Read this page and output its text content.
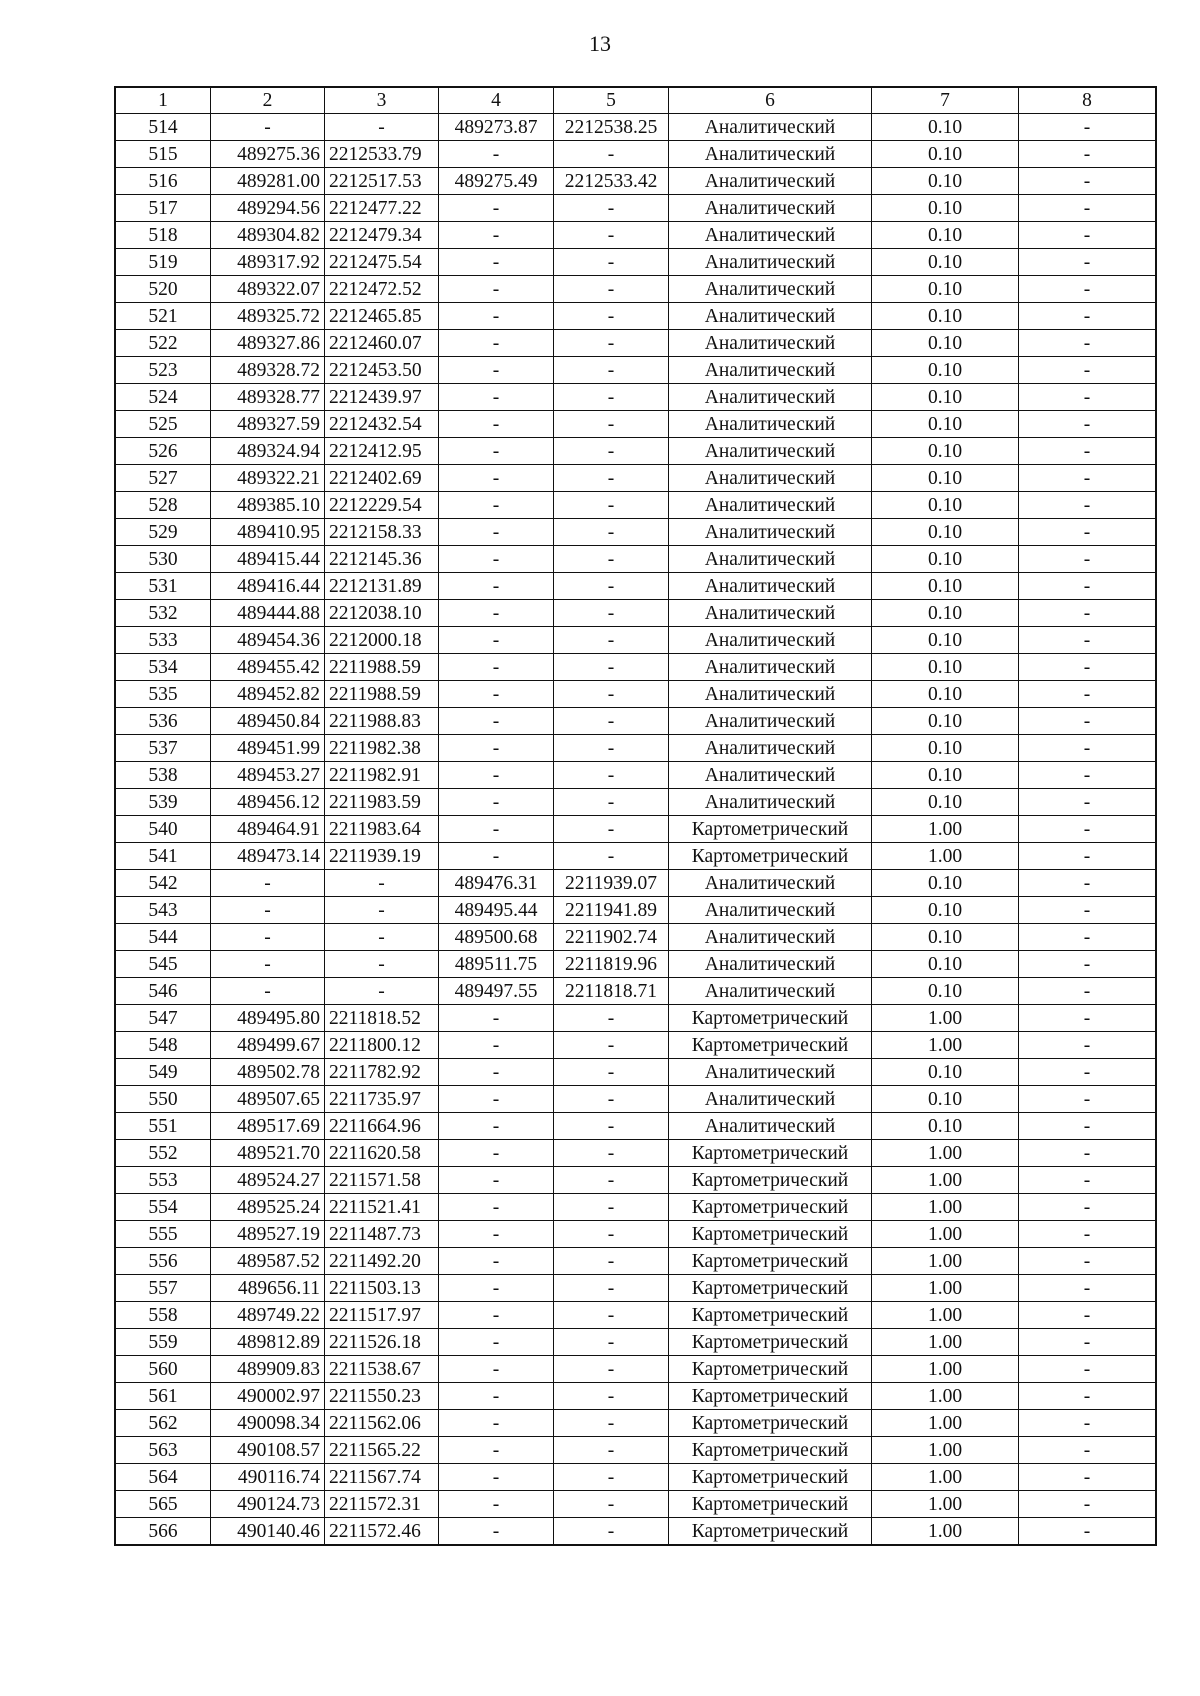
13
1	2	3	4	5	6	7	8
514	-	-	489273.87	2212538.25	Аналитический	0.10	-
515	489275.36	2212533.79	-	-	Аналитический	0.10	-
516	489281.00	2212517.53	489275.49	2212533.42	Аналитический	0.10	-
517	489294.56	2212477.22	-	-	Аналитический	0.10	-
518	489304.82	2212479.34	-	-	Аналитический	0.10	-
519	489317.92	2212475.54	-	-	Аналитический	0.10	-
520	489322.07	2212472.52	-	-	Аналитический	0.10	-
521	489325.72	2212465.85	-	-	Аналитический	0.10	-
522	489327.86	2212460.07	-	-	Аналитический	0.10	-
523	489328.72	2212453.50	-	-	Аналитический	0.10	-
524	489328.77	2212439.97	-	-	Аналитический	0.10	-
525	489327.59	2212432.54	-	-	Аналитический	0.10	-
526	489324.94	2212412.95	-	-	Аналитический	0.10	-
527	489322.21	2212402.69	-	-	Аналитический	0.10	-
528	489385.10	2212229.54	-	-	Аналитический	0.10	-
529	489410.95	2212158.33	-	-	Аналитический	0.10	-
530	489415.44	2212145.36	-	-	Аналитический	0.10	-
531	489416.44	2212131.89	-	-	Аналитический	0.10	-
532	489444.88	2212038.10	-	-	Аналитический	0.10	-
533	489454.36	2212000.18	-	-	Аналитический	0.10	-
534	489455.42	2211988.59	-	-	Аналитический	0.10	-
535	489452.82	2211988.59	-	-	Аналитический	0.10	-
536	489450.84	2211988.83	-	-	Аналитический	0.10	-
537	489451.99	2211982.38	-	-	Аналитический	0.10	-
538	489453.27	2211982.91	-	-	Аналитический	0.10	-
539	489456.12	2211983.59	-	-	Аналитический	0.10	-
540	489464.91	2211983.64	-	-	Картометрический	1.00	-
541	489473.14	2211939.19	-	-	Картометрический	1.00	-
542	-	-	489476.31	2211939.07	Аналитический	0.10	-
543	-	-	489495.44	2211941.89	Аналитический	0.10	-
544	-	-	489500.68	2211902.74	Аналитический	0.10	-
545	-	-	489511.75	2211819.96	Аналитический	0.10	-
546	-	-	489497.55	2211818.71	Аналитический	0.10	-
547	489495.80	2211818.52	-	-	Картометрический	1.00	-
548	489499.67	2211800.12	-	-	Картометрический	1.00	-
549	489502.78	2211782.92	-	-	Аналитический	0.10	-
550	489507.65	2211735.97	-	-	Аналитический	0.10	-
551	489517.69	2211664.96	-	-	Аналитический	0.10	-
552	489521.70	2211620.58	-	-	Картометрический	1.00	-
553	489524.27	2211571.58	-	-	Картометрический	1.00	-
554	489525.24	2211521.41	-	-	Картометрический	1.00	-
555	489527.19	2211487.73	-	-	Картометрический	1.00	-
556	489587.52	2211492.20	-	-	Картометрический	1.00	-
557	489656.11	2211503.13	-	-	Картометрический	1.00	-
558	489749.22	2211517.97	-	-	Картометрический	1.00	-
559	489812.89	2211526.18	-	-	Картометрический	1.00	-
560	489909.83	2211538.67	-	-	Картометрический	1.00	-
561	490002.97	2211550.23	-	-	Картометрический	1.00	-
562	490098.34	2211562.06	-	-	Картометрический	1.00	-
563	490108.57	2211565.22	-	-	Картометрический	1.00	-
564	490116.74	2211567.74	-	-	Картометрический	1.00	-
565	490124.73	2211572.31	-	-	Картометрический	1.00	-
566	490140.46	2211572.46	-	-	Картометрический	1.00	-
